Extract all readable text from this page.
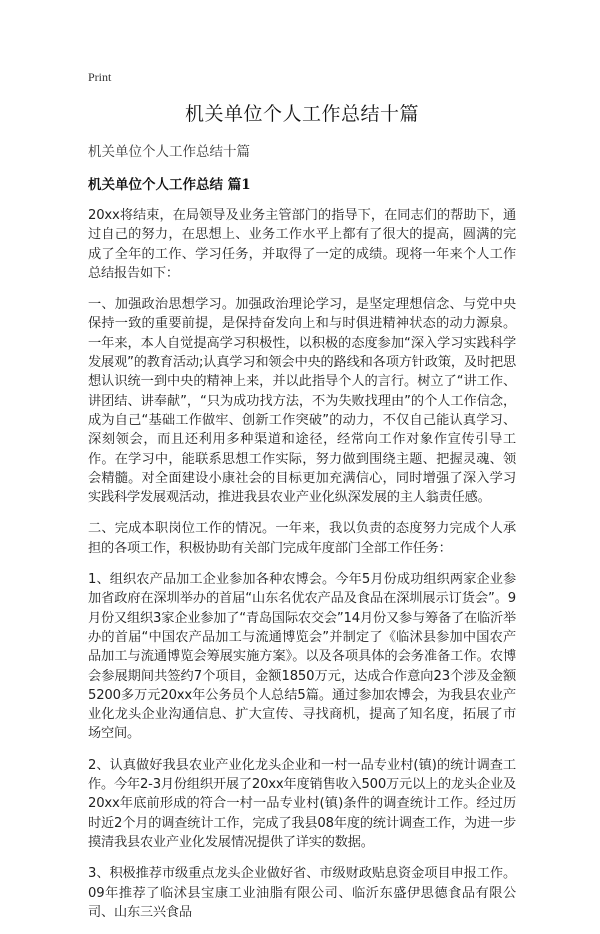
Print
机关单位个人工作总结十篇
机关单位个人工作总结十篇
机关单位个人工作总结 篇1

20xx将结束，在局领导及业务主管部门的指导下，在同志们的帮助下，通过自己的努力，在思想上、业务工作水平上都有了很大的提高，圆满的完成了全年的工作、学习任务，并取得了一定的成绩。现将一年来个人工作总结报告如下：

一、加强政治思想学习。加强政治理论学习，是坚定理想信念、与党中央保持一致的重要前提，是保持奋发向上和与时俱进精神状态的动力源泉。一年来，本人自觉提高学习积极性，以积极的态度参加“深入学习实践科学发展观”的教育活动;认真学习和领会中央的路线和各项方针政策，及时把思想认识统一到中央的精神上来，并以此指导个人的言行。树立了“讲工作、讲团结、讲奉献”，“只为成功找方法，不为失败找理由”的个人工作信念，成为自己“基础工作做牢、创新工作突破”的动力，不仅自己能认真学习、深刻领会，而且还利用多种渠道和途径，经常向工作对象作宣传引导工作。在学习中，能联系思想工作实际，努力做到围绕主题、把握灵魂、领会精髓。对全面建设小康社会的目标更加充满信心，同时增强了深入学习实践科学发展观活动，推进我县农业产业化纵深发展的主人翁责任感。

二、完成本职岗位工作的情况。一年来，我以负责的态度努力完成个人承担的各项工作，积极协助有关部门完成年度部门全部工作任务：

1、组织农产品加工企业参加各种农博会。今年5月份成功组织两家企业参加省政府在深圳举办的首届“山东名优农产品及食品在深圳展示订货会”。9月份又组织3家企业参加了“青岛国际农交会”14月份又参与筹备了在临沂举办的首届“中国农产品加工与流通博览会”并制定了《临沭县参加中国农产品加工与流通博览会筹展实施方案》。以及各项具体的会务准备工作。农博会参展期间共签约7个项目，金额1850万元，达成合作意向23个涉及金额5200多万元20xx年公务员个人总结5篇。通过参加农博会，为我县农业产业化龙头企业沟通信息、扩大宣传、寻找商机，提高了知名度，拓展了市场空间。

2、认真做好我县农业产业化龙头企业和一村一品专业村(镇)的统计调查工作。今年2-3月份组织开展了20xx年度销售收入500万元以上的龙头企业及20xx年底前形成的符合一村一品专业村(镇)条件的调查统计工作。经过历时近2个月的调查统计工作，完成了我县08年度的统计调查工作，为进一步摸清我县农业产业化发展情况提供了详实的数据。

3、积极推荐市级重点龙头企业做好省、市级财政贴息资金项目申报工作。09年推荐了临沭县宝康工业油脂有限公司、临沂东盛伊思德食品有限公司、山东三兴食品
